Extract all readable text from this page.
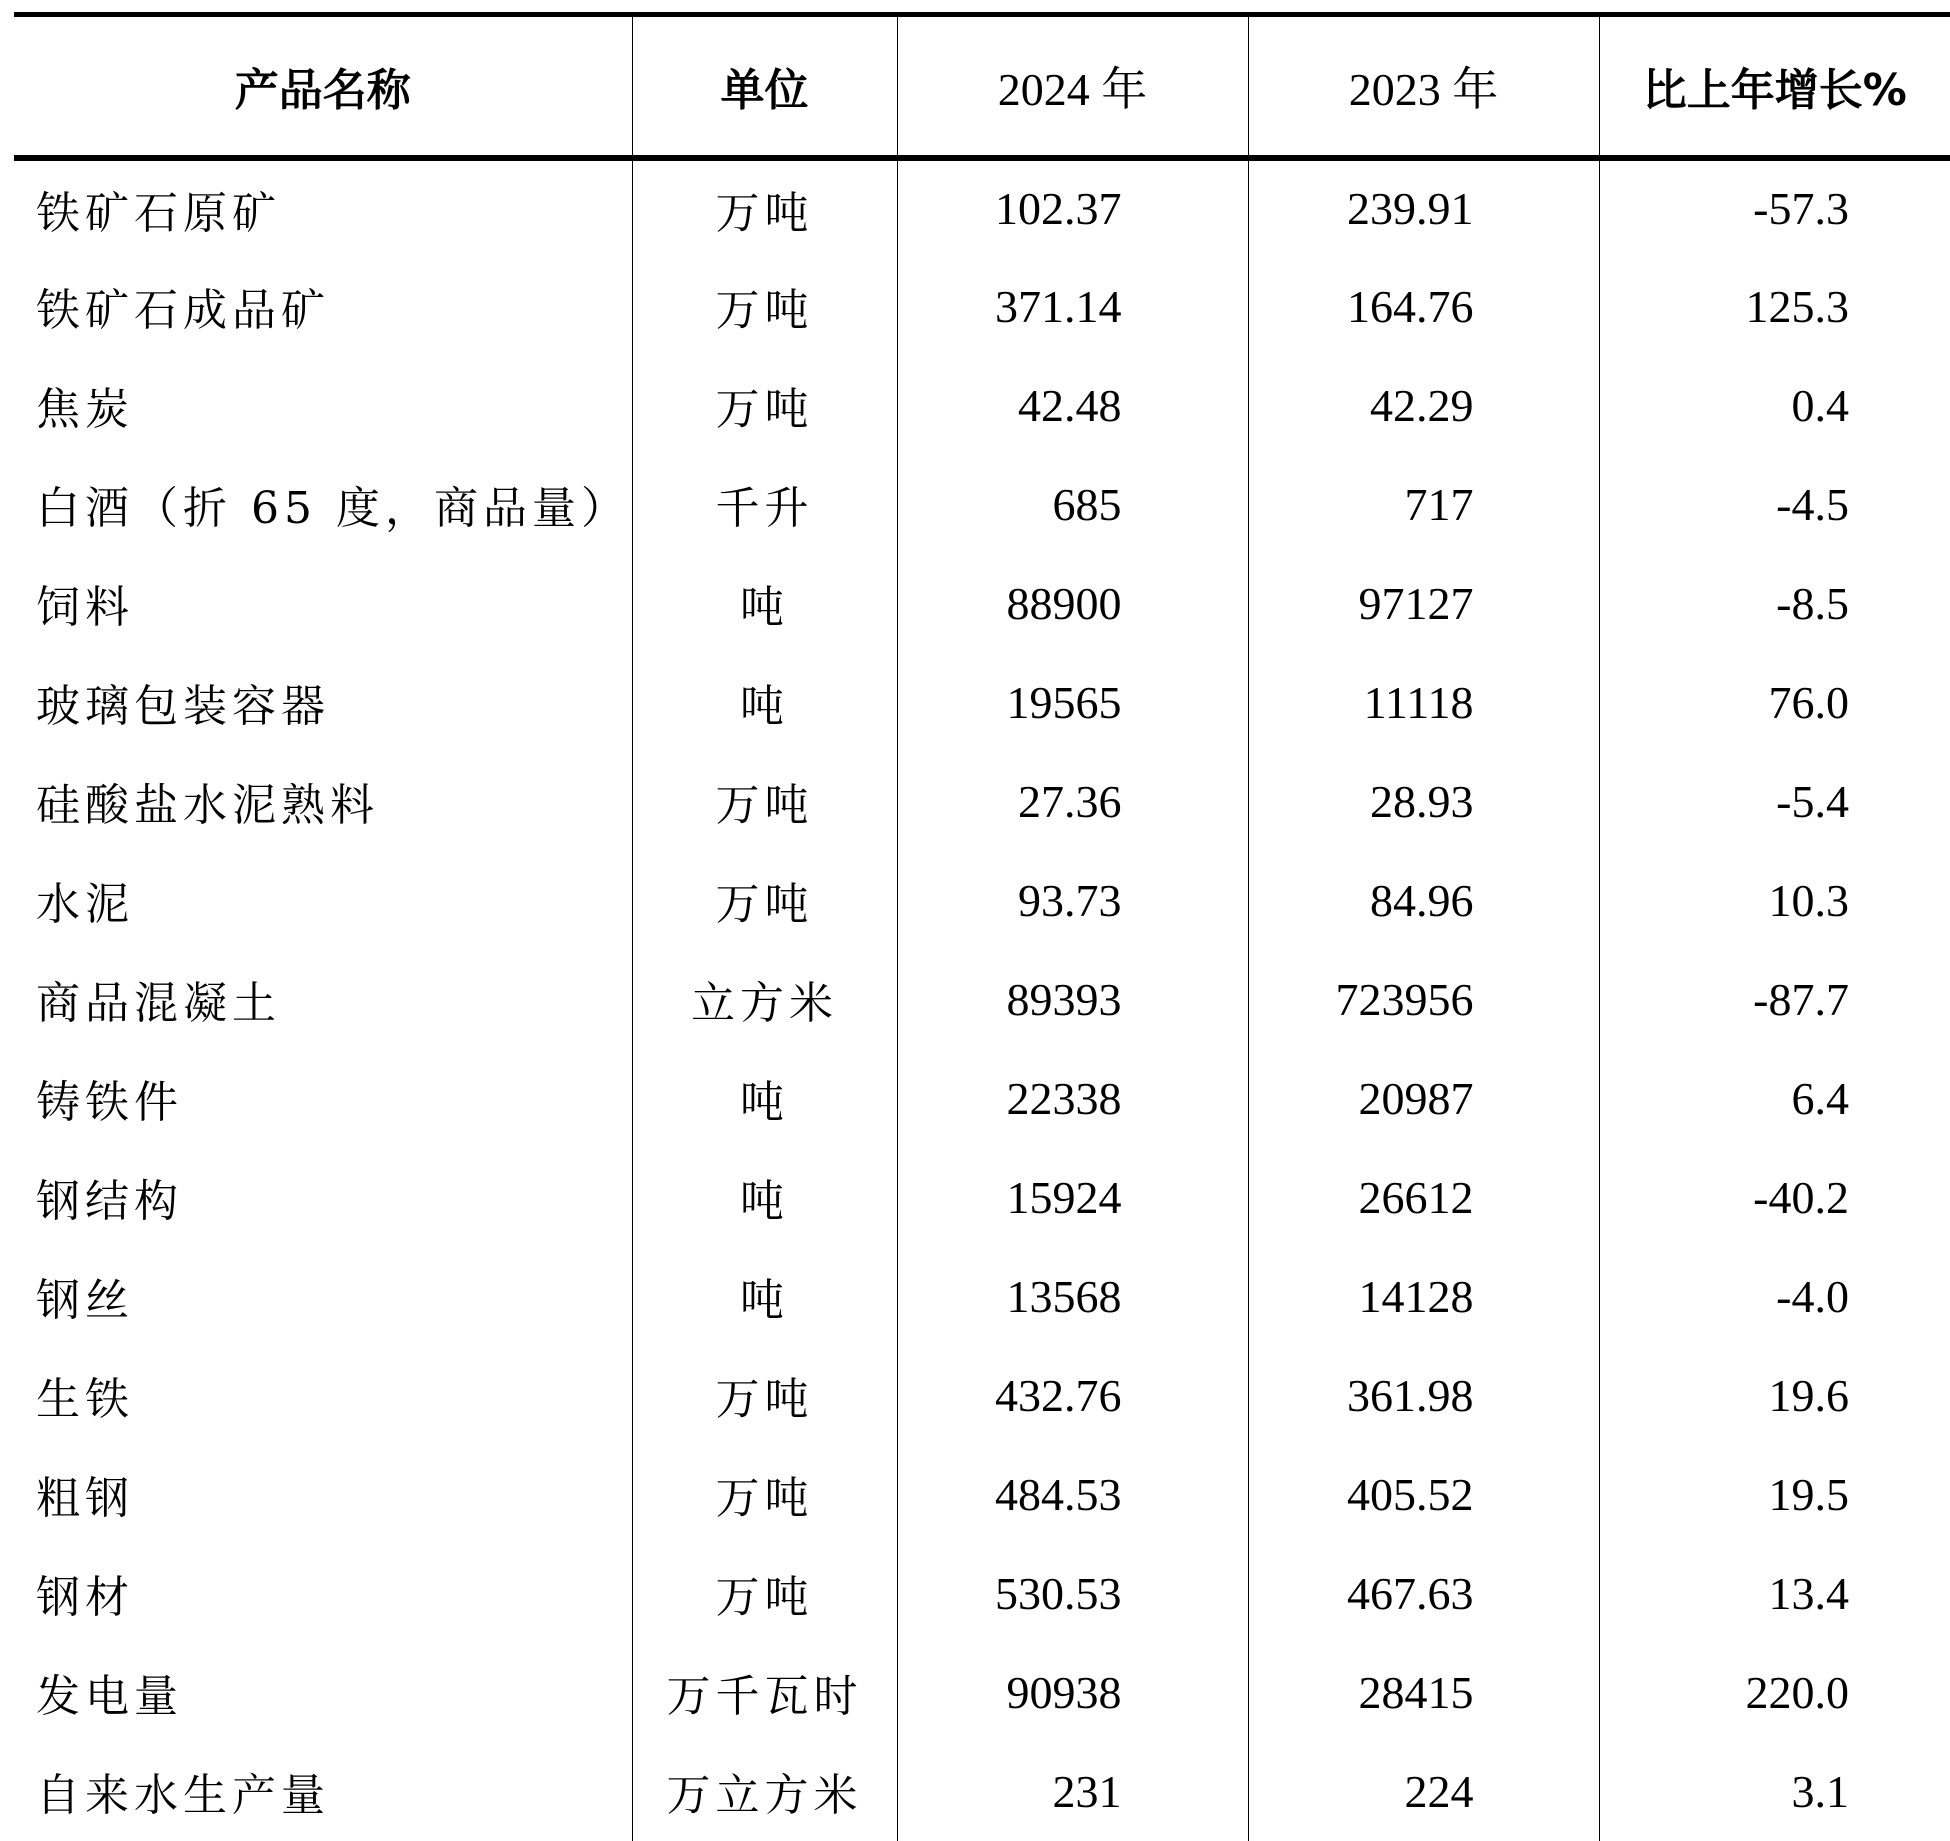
产品名称	单位	2024 年	2023 年	比上年增长%
铁矿石原矿	万吨	102.37	239.91	-57.3
铁矿石成品矿	万吨	371.14	164.76	125.3
焦炭	万吨	42.48	42.29	0.4
白酒（折 65 度，商品量）	千升	685	717	-4.5
饲料	吨	88900	97127	-8.5
玻璃包装容器	吨	19565	11118	76.0
硅酸盐水泥熟料	万吨	27.36	28.93	-5.4
水泥	万吨	93.73	84.96	10.3
商品混凝土	立方米	89393	723956	-87.7
铸铁件	吨	22338	20987	6.4
钢结构	吨	15924	26612	-40.2
钢丝	吨	13568	14128	-4.0
生铁	万吨	432.76	361.98	19.6
粗钢	万吨	484.53	405.52	19.5
钢材	万吨	530.53	467.63	13.4
发电量	万千瓦时	90938	28415	220.0
自来水生产量	万立方米	231	224	3.1
